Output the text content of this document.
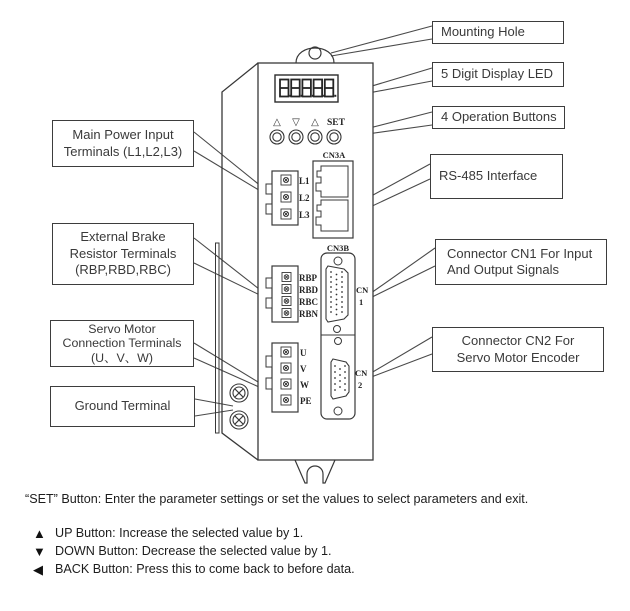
△ ▽ △ SET
CN3A
CN3B
CN
1
CN
2
L1
L2
L3
RBP
RBD
RBC
RBN
U
V
W
PE
Mounting Hole
5 Digit Display LED
4 Operation Buttons
RS-485 Interface
Connector CN1 For Input
And Output Signals
Connector CN2 For
Servo Motor Encoder
Main Power Input
Terminals (L1,L2,L3)
External Brake
Resistor Terminals
(RBP,RBD,RBC)
Servo Motor
Connection Terminals
(U、V、W)
Ground Terminal
“SET” Button: Enter the parameter settings or set the values to select parameters and exit.
▲ UP Button: Increase the selected value by 1.
▼ DOWN Button: Decrease the selected value by 1.
◀ BACK Button: Press this to come back to before data.
